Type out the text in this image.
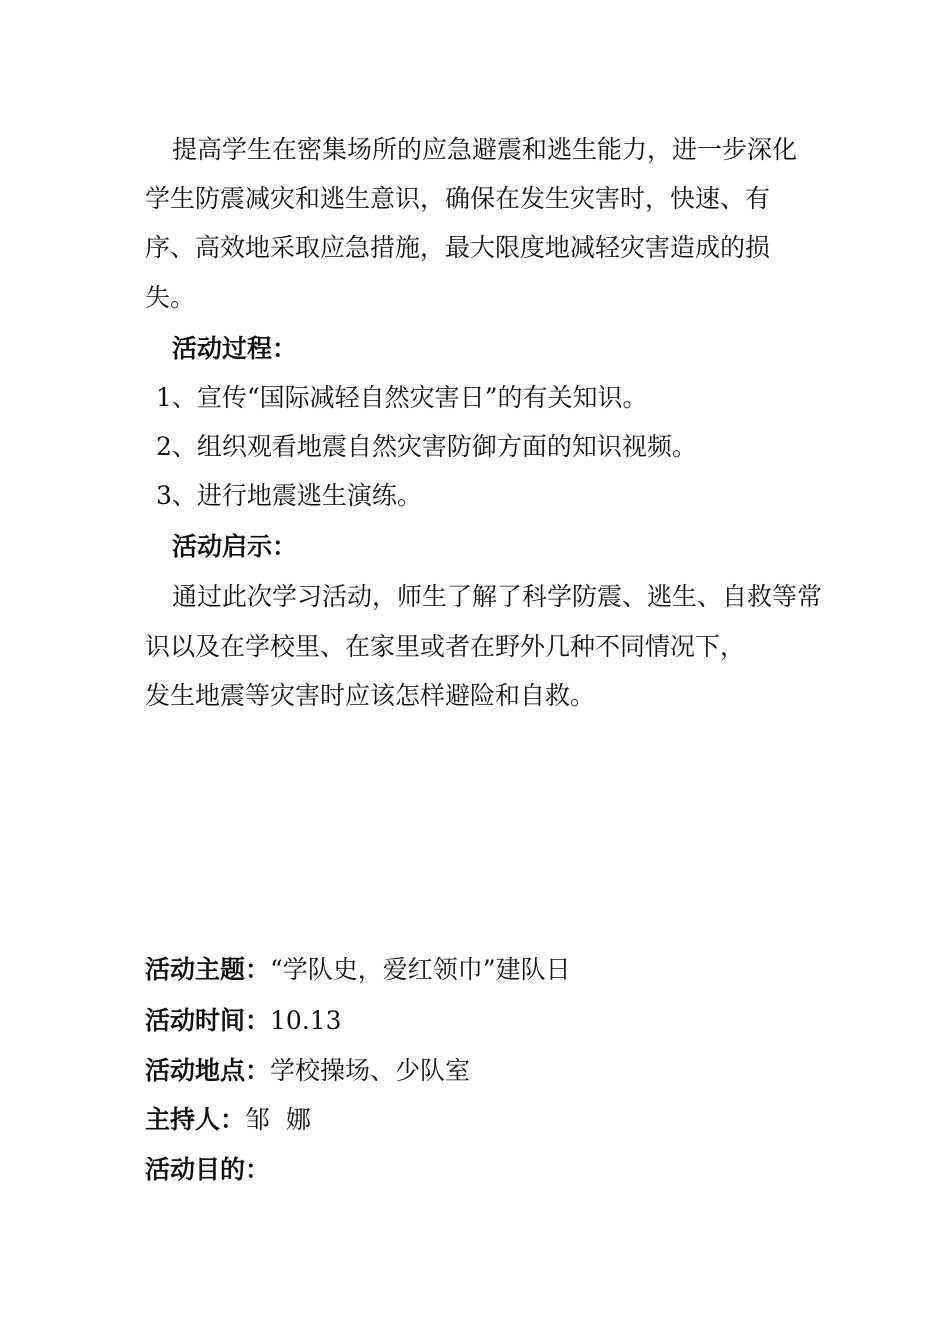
提高学生在密集场所的应急避震和逃生能力，进一步深化
学生防震减灾和逃生意识，确保在发生灾害时，快速、有
序、高效地采取应急措施，最大限度地减轻灾害造成的损
失。
活动过程：
1、宣传“国际减轻自然灾害日”的有关知识。
2、组织观看地震自然灾害防御方面的知识视频。
3、进行地震逃生演练。
活动启示：
通过此次学习活动，师生了解了科学防震、逃生、自救等常
识以及在学校里、在家里或者在野外几种不同情况下，
发生地震等灾害时应该怎样避险和自救。
活动主题：“学队史，爱红领巾”建队日
活动时间：10.13
活动地点：学校操场、少队室
主持人：邹  娜
活动目的：
